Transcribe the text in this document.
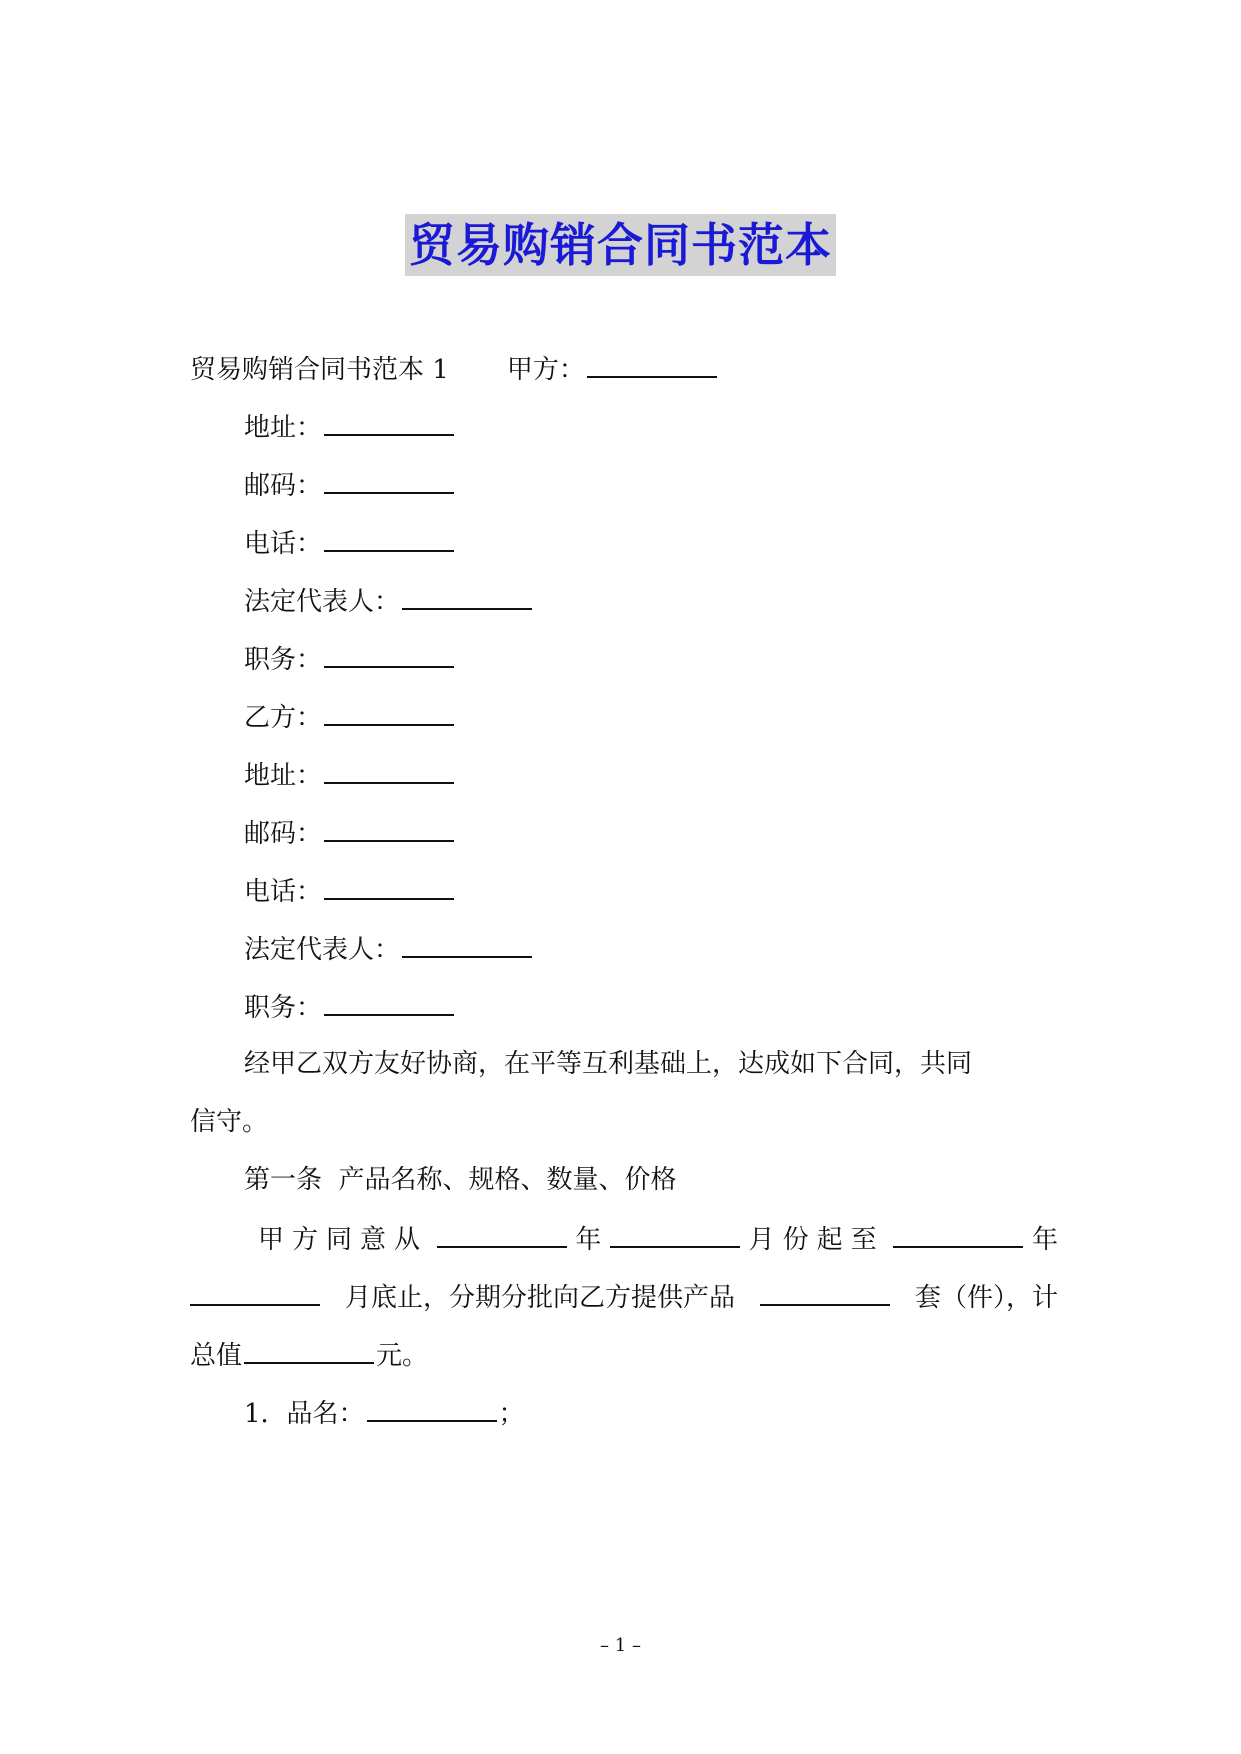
贸易购销合同书范本
贸易购销合同书范本 1 甲方：
地址：
邮码：
电话：
法定代表人：
职务：
乙方：
地址：
邮码：
电话：
法定代表人：
职务：
经甲乙双方友好协商，在平等互利基础上，达成如下合同，共同
信守。
第一条  产品名称、规格、数量、价格
甲方同意从	年	月份起至	年
月底止，分期分批向乙方提供产品	套（件），计
总值	元。
1．品名：	；
– 1 –
